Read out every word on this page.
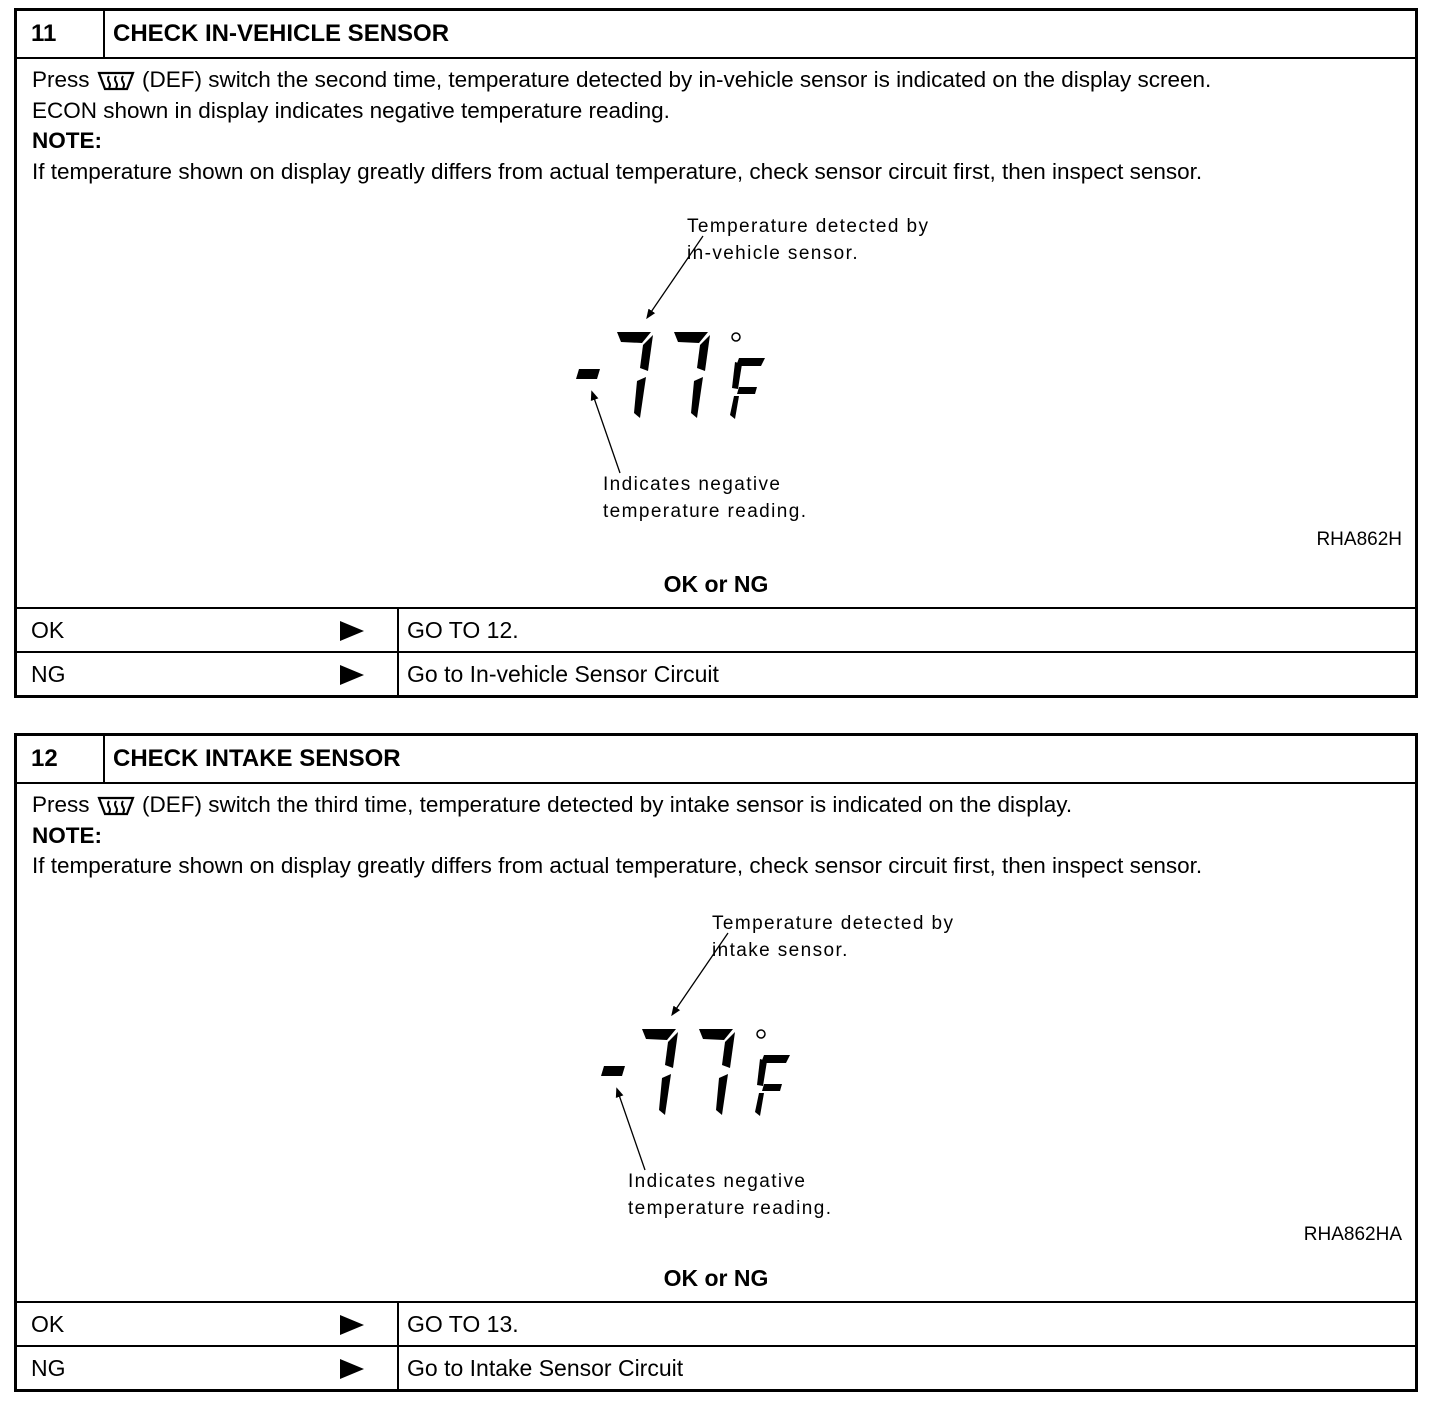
11	CHECK IN-VEHICLE SENSOR

Press (DEF) switch the second time, temperature detected by in-vehicle sensor is indicated on the display screen.

ECON shown in display indicates negative temperature reading.

NOTE:

If temperature shown on display greatly differs from actual temperature, check sensor circuit first, then inspect sensor.

Temperature detected by
in-vehicle sensor.
Indicates negative
temperature reading.
RHA862H
OK or NG
OK	GO TO 12.
NG	Go to In-vehicle Sensor Circuit
12	CHECK INTAKE SENSOR

Press (DEF) switch the third time, temperature detected by intake sensor is indicated on the display.

NOTE:

If temperature shown on display greatly differs from actual temperature, check sensor circuit first, then inspect sensor.

Temperature detected by
intake sensor.
Indicates negative
temperature reading.
RHA862HA
OK or NG
OK	GO TO 13.
NG	Go to Intake Sensor Circuit
